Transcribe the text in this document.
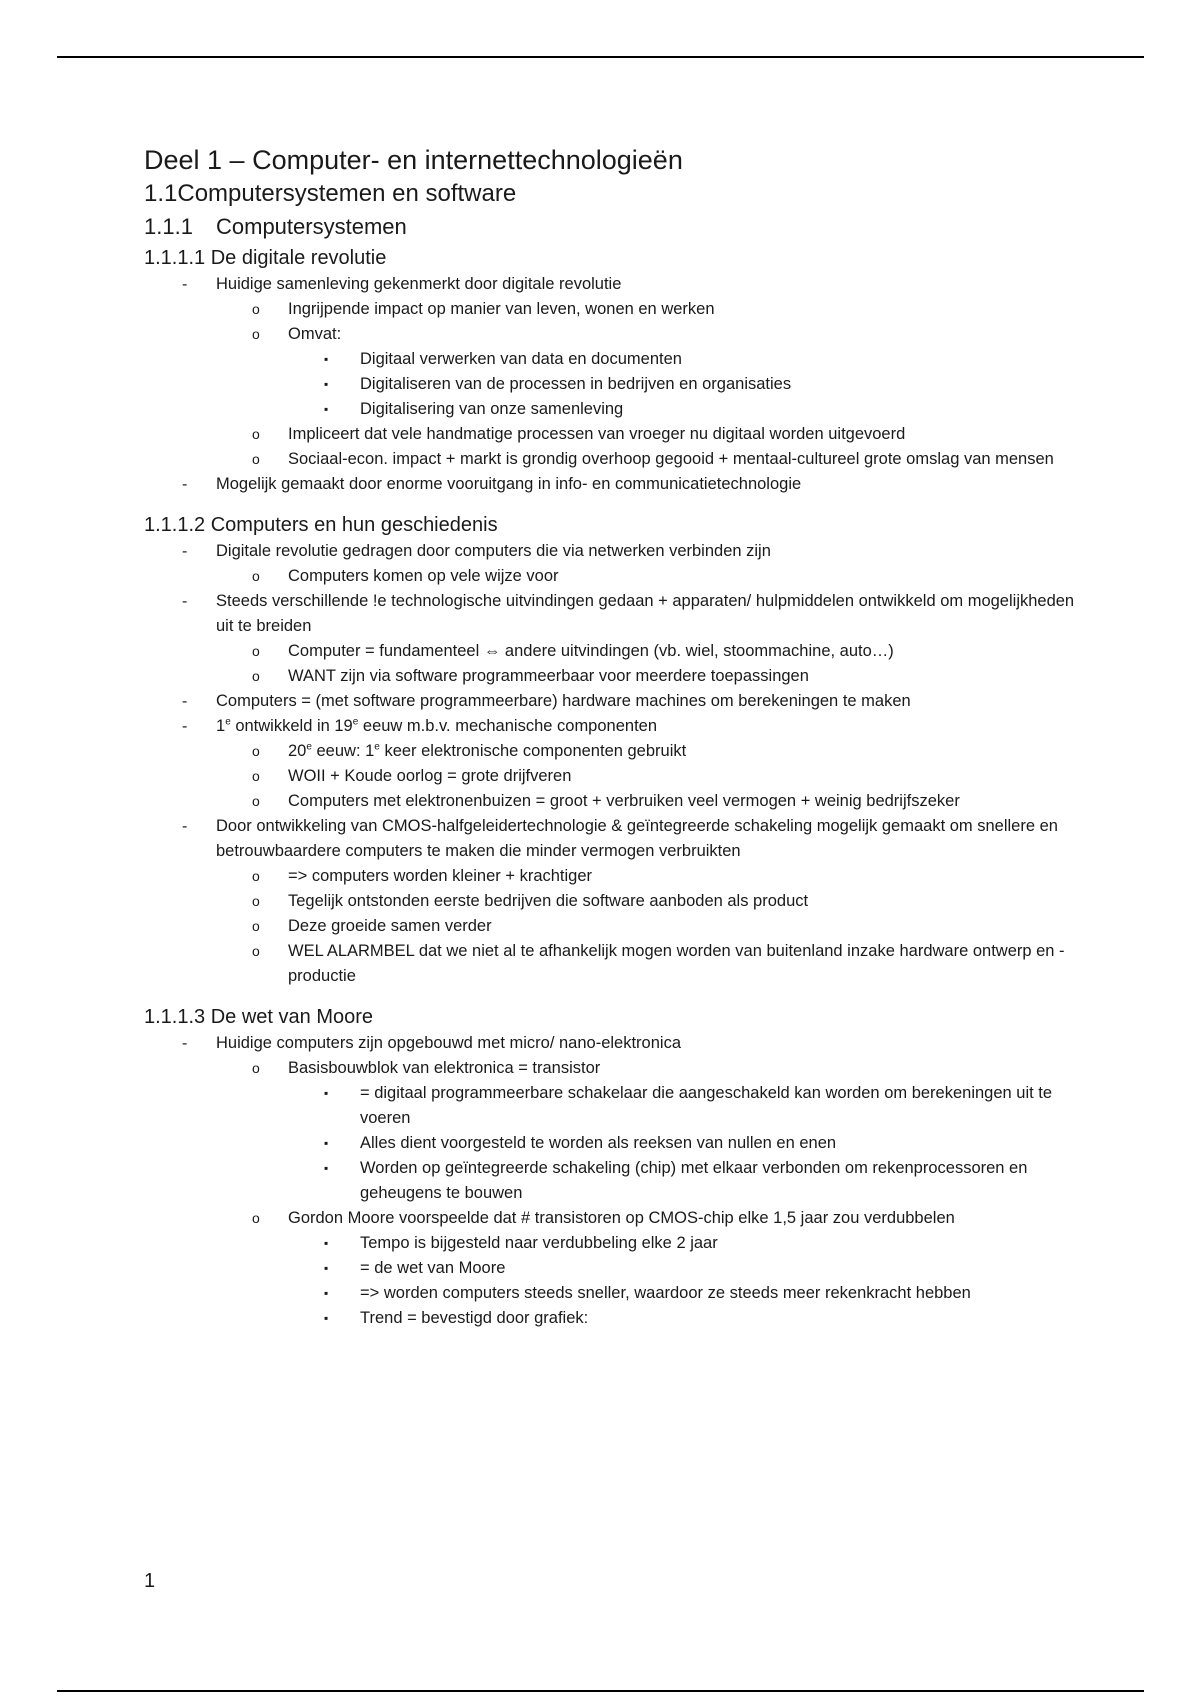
Deel 1 – Computer- en internettechnologieën
1.1Computersystemen en software
1.1.1 Computersystemen
1.1.1.1 De digitale revolutie
- Huidige samenleving gekenmerkt door digitale revolutie
o Ingrijpende impact op manier van leven, wonen en werken
o Omvat:
▪ Digitaal verwerken van data en documenten
▪ Digitaliseren van de processen in bedrijven en organisaties
▪ Digitalisering van onze samenleving
o Impliceert dat vele handmatige processen van vroeger nu digitaal worden uitgevoerd
o Sociaal-econ. impact + markt is grondig overhoop gegooid + mentaal-cultureel grote omslag van mensen
- Mogelijk gemaakt door enorme vooruitgang in info- en communicatietechnologie
1.1.1.2 Computers en hun geschiedenis
- Digitale revolutie gedragen door computers die via netwerken verbinden zijn
o Computers komen op vele wijze voor
- Steeds verschillende !e technologische uitvindingen gedaan + apparaten/ hulpmiddelen ontwikkeld om mogelijkheden uit te breiden
o Computer = fundamenteel ⇔ andere uitvindingen (vb. wiel, stoommachine, auto…)
o WANT zijn via software programmeerbaar voor meerdere toepassingen
- Computers = (met software programmeerbare) hardware machines om berekeningen te maken
- 1e ontwikkeld in 19e eeuw m.b.v. mechanische componenten
o 20e eeuw: 1e keer elektronische componenten gebruikt
o WOII + Koude oorlog = grote drijfveren
o Computers met elektronenbuizen = groot + verbruiken veel vermogen + weinig bedrijfszeker
- Door ontwikkeling van CMOS-halfgeleidertechnologie & geïntegreerde schakeling mogelijk gemaakt om snellere en betrouwbaardere computers te maken die minder vermogen verbruikten
o => computers worden kleiner + krachtiger
o Tegelijk ontstonden eerste bedrijven die software aanboden als product
o Deze groeide samen verder
o WEL ALARMBEL dat we niet al te afhankelijk mogen worden van buitenland inzake hardware ontwerp en -productie
1.1.1.3 De wet van Moore
- Huidige computers zijn opgebouwd met micro/ nano-elektronica
o Basisbouwblok van elektronica = transistor
▪ = digitaal programmeerbare schakelaar die aangeschakeld kan worden om berekeningen uit te voeren
▪ Alles dient voorgesteld te worden als reeksen van nullen en enen
▪ Worden op geïntegreerde schakeling (chip) met elkaar verbonden om rekenprocessoren en geheugens te bouwen
o Gordon Moore voorspeelde dat # transistoren op CMOS-chip elke 1,5 jaar zou verdubbelen
▪ Tempo is bijgesteld naar verdubbeling elke 2 jaar
▪ = de wet van Moore
▪ => worden computers steeds sneller, waardoor ze steeds meer rekenkracht hebben
▪ Trend = bevestigd door grafiek:
1
